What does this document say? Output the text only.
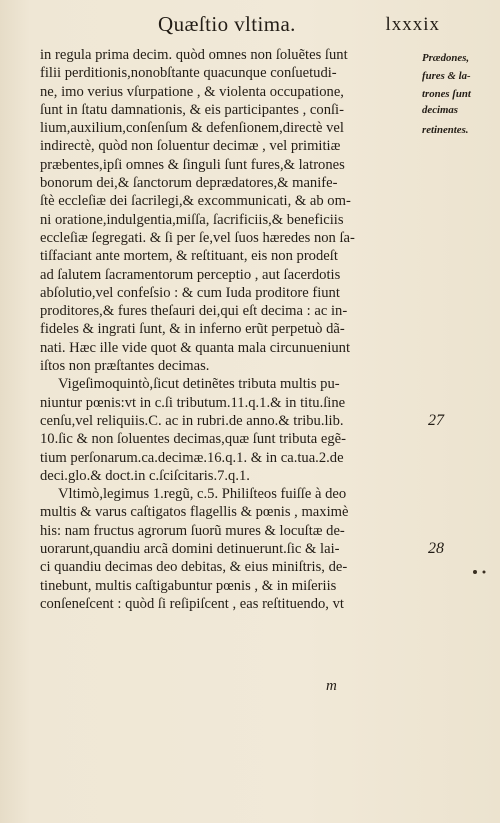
Quæſtio vltima.	lxxxix
in regula prima decim. quòd omnes non ſoluẽtes ſunt
filii perditionis,nonobſtante quacunque conſuetudi-
ne, imo verius vſurpatione , & violenta occupatione,
ſunt in ſtatu damnationis, & eis participantes , conſi-
lium,auxilium,conſenſum & defenſionem,directè vel
indirectè, quòd non ſoluentur decimæ , vel primitiæ
præbentes,ipſi omnes & ſinguli ſunt fures,& latrones
bonorum dei,& ſanctorum deprædatores,& manife-
ſtè eccleſiæ dei ſacrilegi,& excommunicati, & ab om-
ni oratione,indulgentia,miſſa, ſacrificiis,& beneficiis
eccleſiæ ſegregati. & ſi per ſe,vel ſuos hæredes non ſa-
tiſfaciant ante mortem, & reſtituant, eis non prodeſt
ad ſalutem ſacramentorum perceptio , aut ſacerdotis
abſolutio,vel confeſsio : & cum Iuda proditore fiunt
proditores,& fures theſauri dei,qui eſt decima : ac in-
fideles & ingrati ſunt, & in inferno erũt perpetuò dã-
nati. Hæc ille vide quot & quanta mala circunueniunt
iſtos non præſtantes decimas.
Vigeſimoquintò,ſicut detinẽtes tributa multis pu-
niuntur pœnis:vt in c.ſi tributum.11.q.1.& in titu.ſine
cenſu,vel reliquiis.C. ac in rubri.de anno.& tribu.lib.
10.ſic & non ſoluentes decimas,quæ ſunt tributa egẽ-
tium perſonarum.ca.decimæ.16.q.1. & in ca.tua.2.de
deci.glo.& doct.in c.ſciſcitaris.7.q.1.
Vltimò,legimus 1.regũ, c.5. Philiſteos fuiſſe à deo
multis & varus caſtigatos flagellis & pœnis , maximè
his: nam fructus agrorum ſuorũ mures & locuſtæ de-
uorarunt,quandiu arcã domini detinuerunt.ſic & lai-
ci quandiu decimas deo debitas, & eius miniſtris, de-
tinebunt, multis caſtigabuntur pœnis , & in miſeriis
conſeneſcent : quòd ſi reſipiſcent , eas reſtituendo, vt
Prædones,
fures & la-
trones ſunt
decimas
retinentes.
27
28
m
